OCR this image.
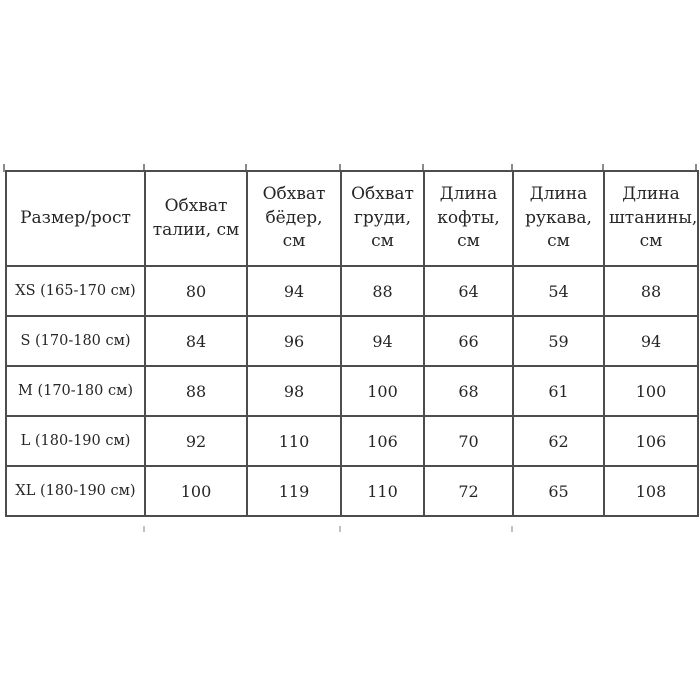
Размер/рост	Обхват талии, см	Обхват бёдер, см	Обхват груди, см	Длина кофты, см	Длина рукава, см	Длина штанины, см
XS (165-170 см)	80	94	88	64	54	88
S (170-180 см)	84	96	94	66	59	94
M (170-180 см)	88	98	100	68	61	100
L (180-190 см)	92	110	106	70	62	106
XL (180-190 см)	100	119	110	72	65	108
